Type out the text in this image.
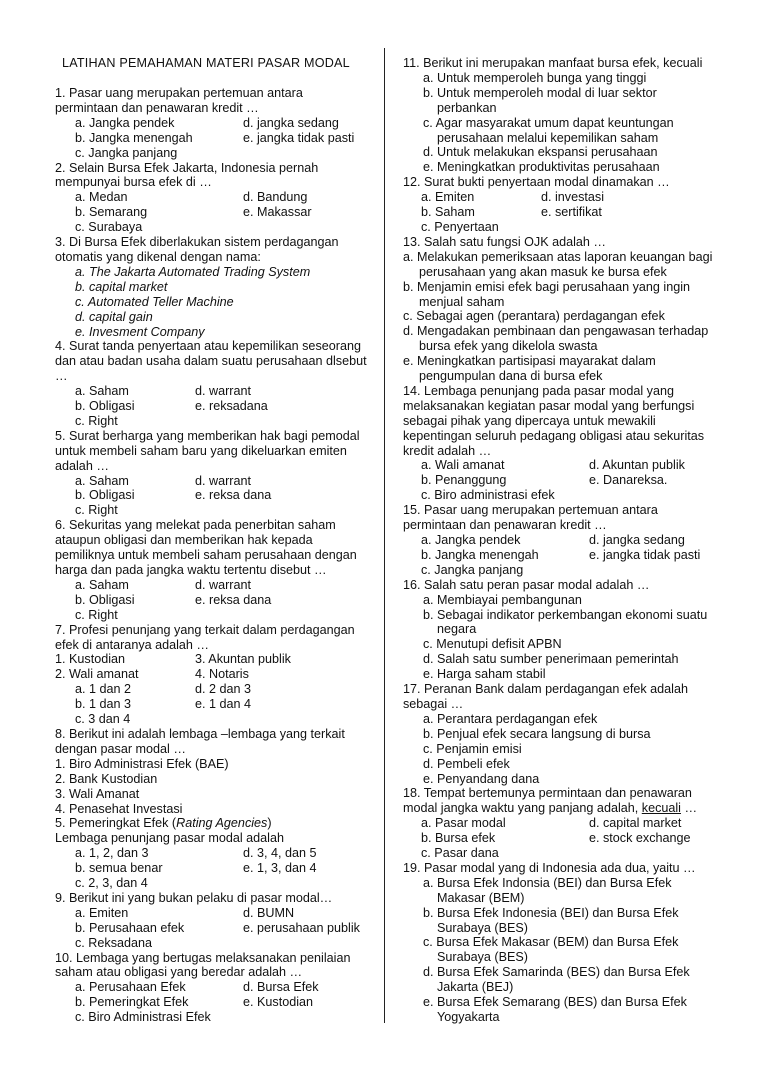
LATIHAN PEMAHAMAN MATERI PASAR MODAL
1. Pasar uang merupakan pertemuan antara permintaan dan penawaran kredit …
a. Jangka pendek	d. jangka sedang
b. Jangka menengah	e. jangka tidak pasti
c. Jangka panjang
2. Selain Bursa Efek Jakarta, Indonesia pernah mempunyai bursa efek di …
a. Medan	d. Bandung
b. Semarang	e. Makassar
c. Surabaya
3. Di Bursa Efek diberlakukan sistem perdagangan otomatis yang dikenal dengan nama:
a. The Jakarta Automated Trading System
b. capital market
c. Automated Teller Machine
d. capital gain
e. Invesment Company
4. Surat tanda penyertaan atau kepemilikan seseorang dan atau badan usaha dalam suatu perusahaan dlsebut …
a. Saham	d. warrant
b. Obligasi	e. reksadana
c. Right
5. Surat berharga yang memberikan hak bagi pemodal untuk membeli saham baru yang dikeluarkan emiten adalah …
a. Saham	d. warrant
b. Obligasi	e. reksa dana
c. Right
6. Sekuritas yang melekat pada penerbitan saham ataupun obligasi dan memberikan hak kepada pemiliknya untuk membeli saham perusahaan dengan harga dan pada jangka waktu tertentu disebut …
a. Saham	d. warrant
b. Obligasi	e. reksa dana
c. Right
7. Profesi penunjang yang terkait dalam perdagangan efek di antaranya adalah …
1. Kustodian	3. Akuntan publik
2. Wali amanat	4. Notaris
a. 1 dan 2	d. 2 dan 3
b. 1 dan 3	e. 1 dan 4
c. 3 dan 4
8. Berikut ini adalah lembaga –lembaga yang terkait dengan pasar modal …
1. Biro Administrasi Efek (BAE)
2. Bank Kustodian
3. Wali Amanat
4. Penasehat Investasi
5. Pemeringkat Efek (Rating Agencies)
Lembaga penunjang pasar modal adalah
a. 1, 2, dan 3	d. 3, 4, dan 5
b. semua benar	e. 1, 3, dan 4
c. 2, 3, dan 4
9. Berikut ini yang bukan pelaku di pasar modal…
a. Emiten	d. BUMN
b. Perusahaan efek	e. perusahaan publik
c. Reksadana
10. Lembaga yang bertugas melaksanakan penilaian saham atau obligasi yang beredar adalah …
a. Perusahaan Efek	d. Bursa Efek
b. Pemeringkat Efek	e. Kustodian
c. Biro Administrasi Efek
11. Berikut ini merupakan manfaat bursa efek, kecuali
a. Untuk memperoleh bunga yang tinggi
b. Untuk memperoleh modal di luar sektor perbankan
c. Agar masyarakat umum dapat keuntungan perusahaan melalui kepemilikan saham
d. Untuk melakukan ekspansi perusahaan
e. Meningkatkan produktivitas perusahaan
12. Surat bukti penyertaan modal dinamakan …
a. Emiten	d. investasi
b. Saham	e. sertifikat
c. Penyertaan
13. Salah satu fungsi OJK adalah …
a. Melakukan pemeriksaan atas laporan keuangan bagi perusahaan yang akan masuk ke bursa efek
b. Menjamin emisi efek bagi perusahaan yang ingin menjual saham
c. Sebagai agen (perantara) perdagangan efek
d. Mengadakan pembinaan dan pengawasan terhadap bursa efek yang dikelola swasta
e. Meningkatkan partisipasi mayarakat dalam pengumpulan dana di bursa efek
14. Lembaga penunjang pada pasar modal yang melaksanakan kegiatan pasar modal yang berfungsi sebagai pihak yang dipercaya untuk mewakili kepentingan seluruh pedagang obligasi atau sekuritas kredit adalah …
a. Wali amanat	d. Akuntan publik
b. Penanggung	e. Danareksa.
c. Biro administrasi efek
15. Pasar uang merupakan pertemuan antara permintaan dan penawaran kredit …
a. Jangka pendek	d. jangka sedang
b. Jangka menengah	e. jangka tidak pasti
c. Jangka panjang
16. Salah satu peran pasar modal adalah …
a. Membiayai pembangunan
b. Sebagai indikator perkembangan ekonomi suatu negara
c. Menutupi defisit APBN
d. Salah satu sumber penerimaan pemerintah
e. Harga saham stabil
17. Peranan Bank dalam perdagangan efek adalah sebagai …
a. Perantara perdagangan efek
b. Penjual efek secara langsung di bursa
c. Penjamin emisi
d. Pembeli efek
e. Penyandang dana
18. Tempat bertemunya permintaan dan penawaran modal jangka waktu yang panjang adalah, kecuali …
a. Pasar modal	d. capital market
b. Bursa efek	e. stock exchange
c. Pasar dana
19. Pasar modal yang di Indonesia ada dua, yaitu …
a. Bursa Efek Indonsia (BEI) dan Bursa Efek Makasar (BEM)
b. Bursa Efek Indonesia (BEI) dan Bursa Efek Surabaya (BES)
c. Bursa Efek Makasar (BEM) dan Bursa Efek Surabaya (BES)
d. Bursa Efek Samarinda (BES) dan Bursa Efek Jakarta (BEJ)
e. Bursa Efek Semarang (BES) dan Bursa Efek Yogyakarta
